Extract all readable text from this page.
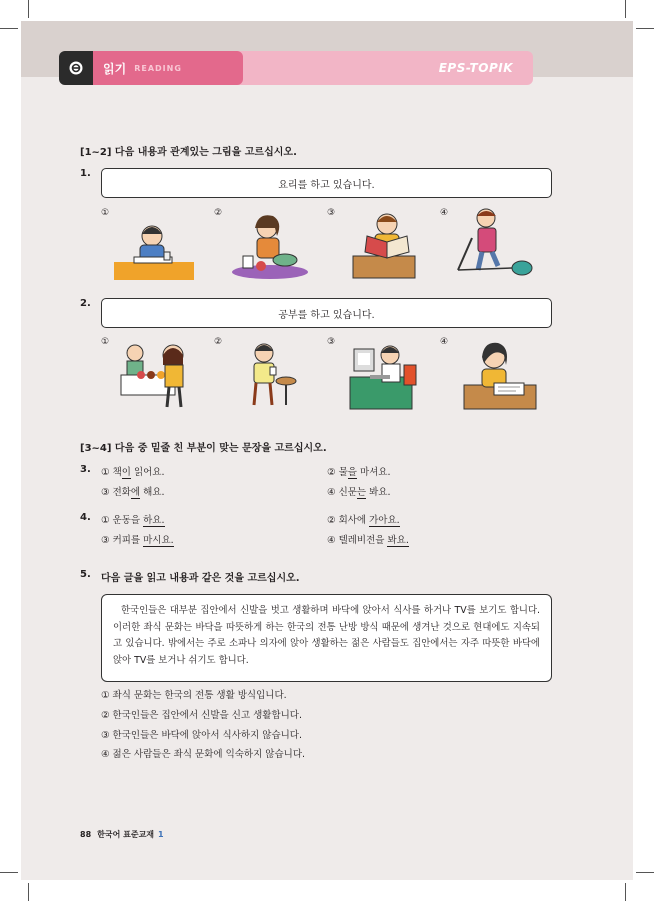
EPS-TOPIK
읽기 READING
[1~2] 다음 내용과 관계있는 그림을 고르십시오.
1.
요리를 하고 있습니다.
①	②	③	④
2.
공부를 하고 있습니다.
①	②	③	④
[3~4] 다음 중 밑줄 친 부분이 맞는 문장을 고르십시오.
3. ① 책이 읽어요.	② 물을 마셔요.
③ 전화에 해요.	④ 신문는 봐요.
4. ① 운동을 하요.	② 회사에 가아요.
③ 커피를 마시요.	④ 텔레비전을 봐요.
5. 다음 글을 읽고 내용과 같은 것을 고르십시오.
한국인들은 대부분 집안에서 신발을 벗고 생활하며 바닥에 앉아서 식사를 하거나 TV를 보기도 합니다. 이러한 좌식 문화는 바닥을 따뜻하게 하는 한국의 전통 난방 방식 때문에 생겨난 것으로 현대에도 지속되고 있습니다. 밖에서는 주로 소파나 의자에 앉아 생활하는 젊은 사람들도 집안에서는 자주 따뜻한 바닥에 앉아 TV를 보거나 쉬기도 합니다.
① 좌식 문화는 한국의 전통 생활 방식입니다.
② 한국인들은 집안에서 신발을 신고 생활합니다.
③ 한국인들은 바닥에 앉아서 식사하지 않습니다.
④ 젊은 사람들은 좌식 문화에 익숙하지 않습니다.
88 한국어 표준교재 1
